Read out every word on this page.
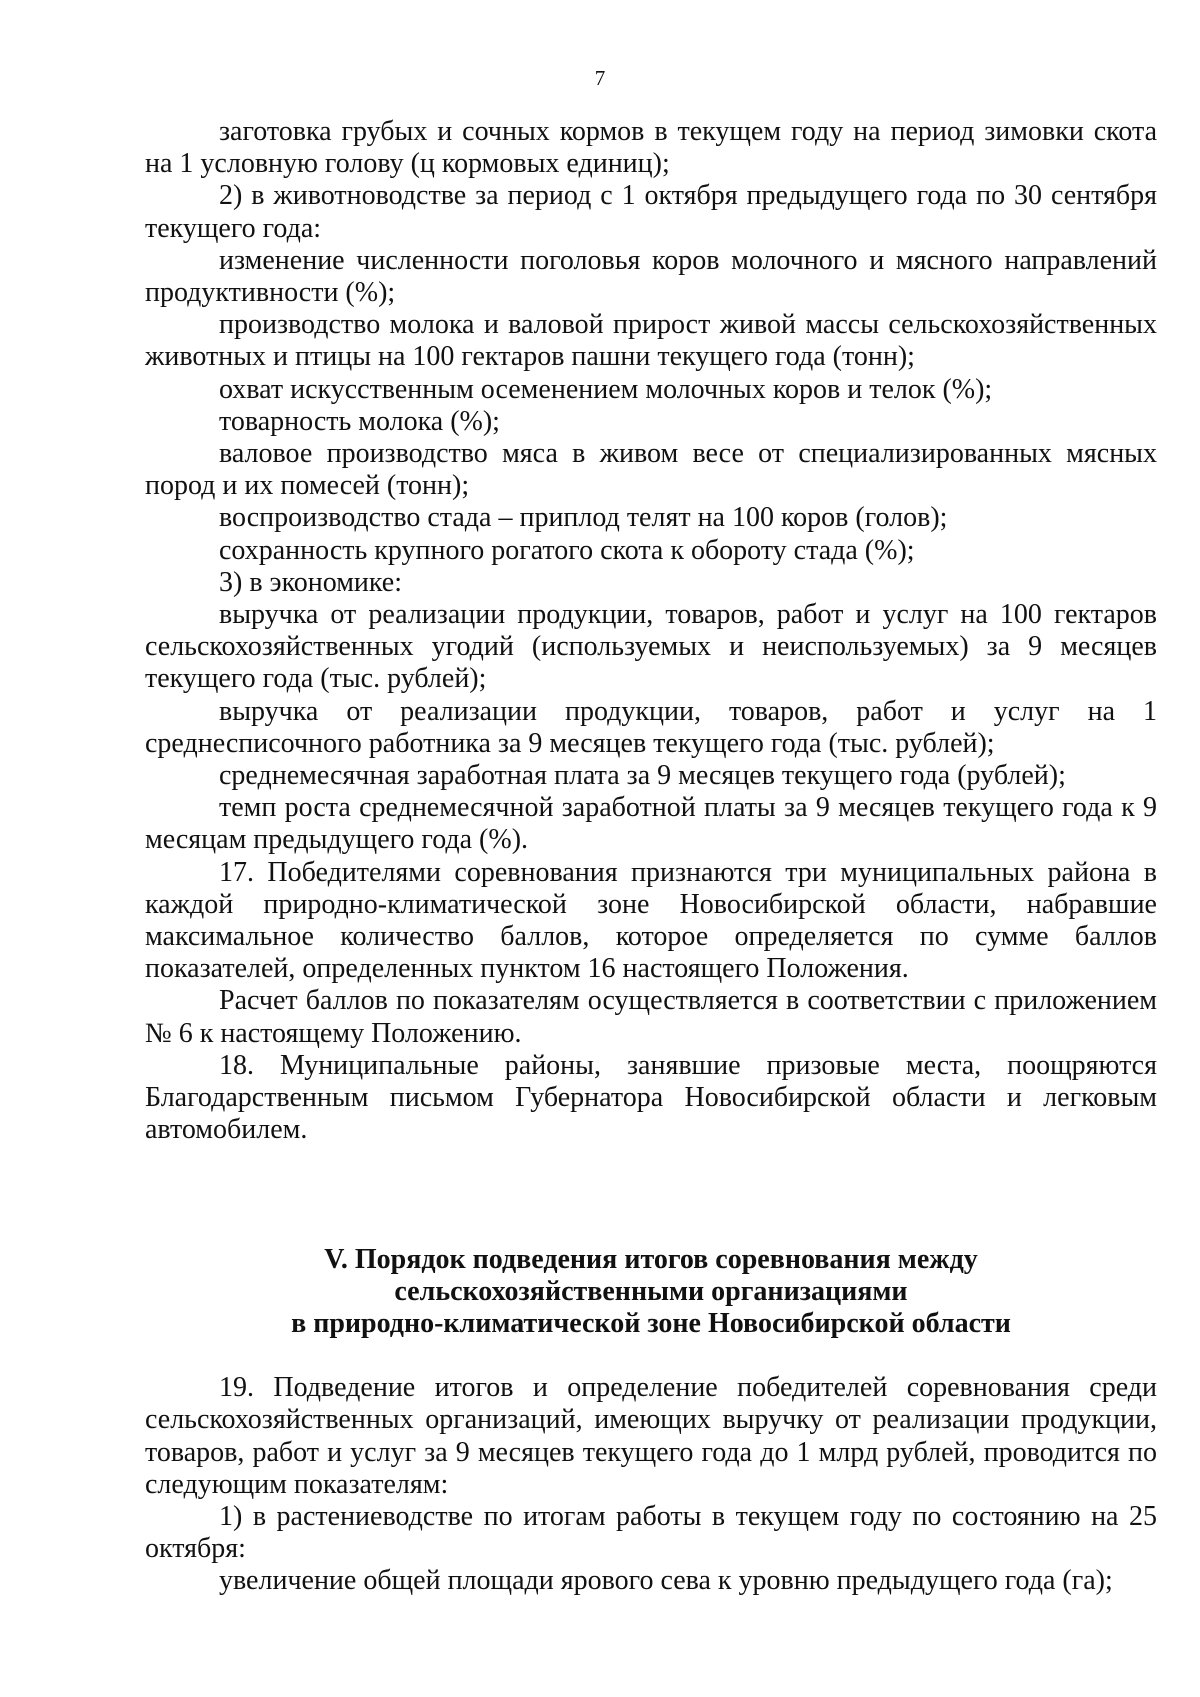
7

заготовка грубых и сочных кормов в текущем году на период зимовки скота на 1 условную голову (ц кормовых единиц);

2) в животноводстве за период с 1 октября предыдущего года по 30 сентября текущего года:

изменение численности поголовья коров молочного и мясного направлений продуктивности (%);

производство молока и валовой прирост живой массы сельскохозяйственных животных и птицы на 100 гектаров пашни текущего года (тонн);

охват искусственным осеменением молочных коров и телок (%);

товарность молока (%);

валовое производство мяса в живом весе от специализированных мясных пород и их помесей (тонн);

воспроизводство стада – приплод телят на 100 коров (голов);

сохранность крупного рогатого скота к обороту стада (%);

3) в экономике:

выручка от реализации продукции, товаров, работ и услуг на 100 гектаров сельскохозяйственных угодий (используемых и неиспользуемых) за 9 месяцев текущего года (тыс. рублей);

выручка от реализации продукции, товаров, работ и услуг на 1 среднесписочного работника за 9 месяцев текущего года (тыс. рублей);

среднемесячная заработная плата за 9 месяцев текущего года (рублей);

темп роста среднемесячной заработной платы за 9 месяцев текущего года к 9 месяцам предыдущего года (%).

17. Победителями соревнования признаются три муниципальных района в каждой природно-климатической зоне Новосибирской области, набравшие максимальное количество баллов, которое определяется по сумме баллов показателей, определенных пунктом 16 настоящего Положения.

Расчет баллов по показателям осуществляется в соответствии с приложением № 6 к настоящему Положению.

18. Муниципальные районы, занявшие призовые места, поощряются Благодарственным письмом Губернатора Новосибирской области и легковым автомобилем.

V. Порядок подведения итогов соревнования между
сельскохозяйственными организациями
в природно-климатической зоне Новосибирской области

19. Подведение итогов и определение победителей соревнования среди сельскохозяйственных организаций, имеющих выручку от реализации продукции, товаров, работ и услуг за 9 месяцев текущего года до 1 млрд рублей, проводится по следующим показателям:

1) в растениеводстве по итогам работы в текущем году по состоянию на 25 октября:

увеличение общей площади ярового сева к уровню предыдущего года (га);
